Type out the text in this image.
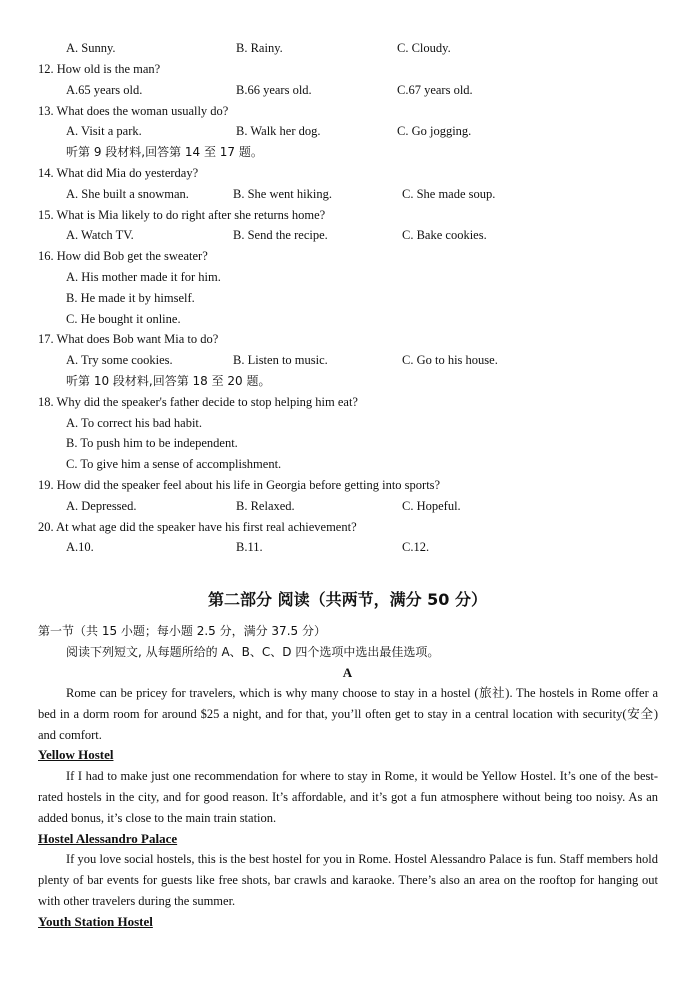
A. Sunny.	B. Rainy.	C. Cloudy.
12. How old is the man?
A.65 years old.	B.66 years old.	C.67 years old.
13. What does the woman usually do?
A. Visit a park.	B. Walk her dog.	C. Go jogging.
听第 9 段材料,回答第 14 至 17 题。
14. What did Mia do yesterday?
A. She built a snowman.	B. She went hiking.	C. She made soup.
15. What is Mia likely to do right after she returns home?
A. Watch TV.	B. Send the recipe.	C. Bake cookies.
16. How did Bob get the sweater?
A. His mother made it for him.
B. He made it by himself.
C. He bought it online.
17. What does Bob want Mia to do?
A. Try some cookies.	B. Listen to music.	C. Go to his house.
听第 10 段材料,回答第 18 至 20 题。
18. Why did the speaker's father decide to stop helping him eat?
A. To correct his bad habit.
B. To push him to be independent.
C. To give him a sense of accomplishment.
19. How did the speaker feel about his life in Georgia before getting into sports?
A. Depressed.	B. Relaxed.	C. Hopeful.
20. At what age did the speaker have his first real achievement?
A.10.	B.11.	C.12.
第二部分 阅读（共两节，满分 50 分）
第一节（共 15 小题；每小题 2.5 分，满分 37.5 分）
阅读下列短文, 从每题所给的 A、B、C、D 四个选项中选出最佳选项。
A
Rome can be pricey for travelers, which is why many choose to stay in a hostel (旅社). The hostels in Rome offer a bed in a dorm room for around $25 a night, and for that, you’ll often get to stay in a central location with security(安全) and comfort.
Yellow Hostel
If I had to make just one recommendation for where to stay in Rome, it would be Yellow Hostel. It’s one of the best-rated hostels in the city, and for good reason. It’s affordable, and it’s got a fun atmosphere without being too noisy. As an added bonus, it’s close to the main train station.
Hostel Alessandro Palace
If you love social hostels, this is the best hostel for you in Rome. Hostel Alessandro Palace is fun. Staff members hold plenty of bar events for guests like free shots, bar crawls and karaoke. There’s also an area on the rooftop for hanging out with other travelers during the summer.
Youth Station Hostel
